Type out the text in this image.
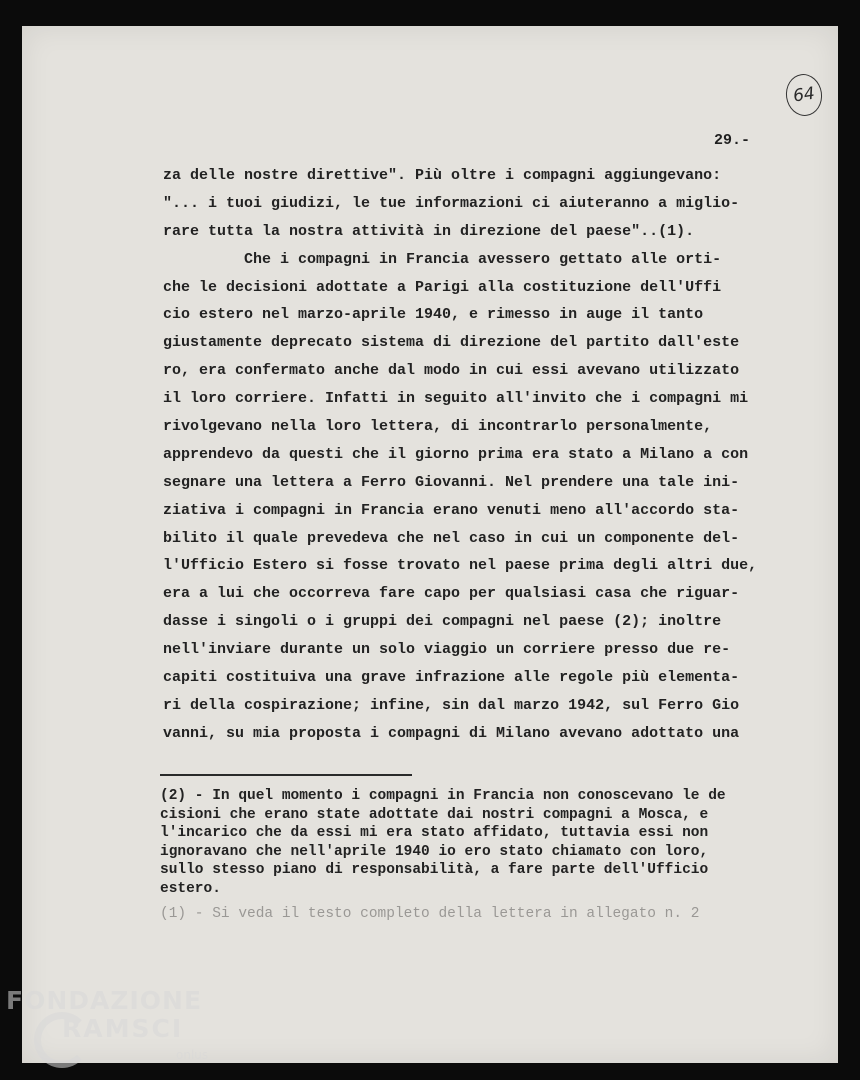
64
29.-
za delle nostre direttive". Più oltre i compagni aggiungevano:
"... i tuoi giudizi, le tue informazioni ci aiuteranno a miglio-
rare tutta la nostra attività in direzione del paese"..(1).
Che i compagni in Francia avessero gettato alle orti-
che le decisioni adottate a Parigi alla costituzione dell'Uffi
cio estero nel marzo-aprile 1940, e rimesso in auge il tanto
giustamente deprecato sistema di direzione del partito dall'este
ro, era confermato anche dal modo in cui essi avevano utilizzato
il loro corriere. Infatti in seguito all'invito che i compagni mi
rivolgevano nella loro lettera, di incontrarlo personalmente,
apprendevo da questi che il giorno prima era stato a Milano a con
segnare una lettera a Ferro Giovanni. Nel prendere una tale ini-
ziativa i compagni in Francia erano venuti meno all'accordo sta-
bilito il quale prevedeva che nel caso in cui un componente del-
l'Ufficio Estero si fosse trovato nel paese prima degli altri due,
era a lui che occorreva fare capo per qualsiasi casa che riguar-
dasse i singoli o i gruppi dei compagni nel paese (2); inoltre
nell'inviare durante un solo viaggio un corriere presso due re-
capiti costituiva una grave infrazione alle regole più elementa-
ri della cospirazione; infine, sin dal marzo 1942, sul Ferro Gio
vanni, su mia proposta i compagni di Milano avevano adottato una
(2) - In quel momento i compagni in Francia non conoscevano le de
cisioni che erano state adottate dai nostri compagni a Mosca, e
l'incarico che da essi mi era stato affidato, tuttavia essi non
ignoravano che nell'aprile 1940 io ero stato chiamato con loro,
sullo stesso piano di responsabilità, a fare parte dell'Ufficio
estero.
(1) - Si veda il testo completo della lettera in allegato n. 2
FONDAZIONE
RAMSCI
onlus
